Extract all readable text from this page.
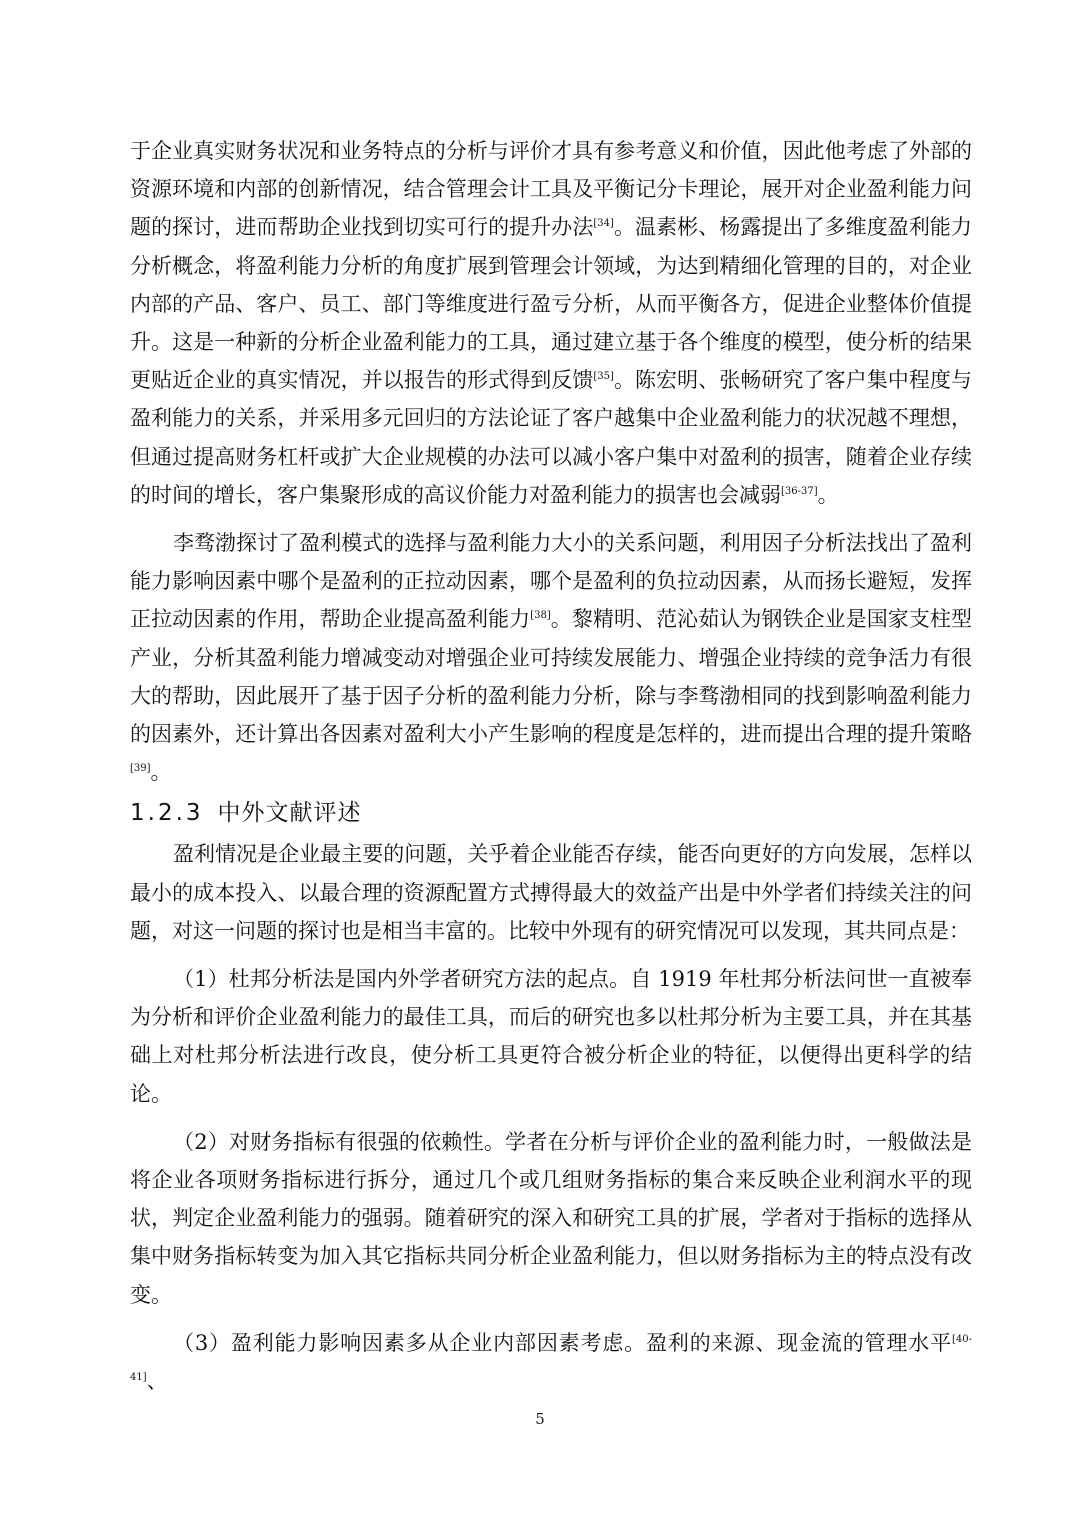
于企业真实财务状况和业务特点的分析与评价才具有参考意义和价值，因此他考虑了外部的资源环境和内部的创新情况，结合管理会计工具及平衡记分卡理论，展开对企业盈利能力问题的探讨，进而帮助企业找到切实可行的提升办法[34]。温素彬、杨露提出了多维度盈利能力分析概念，将盈利能力分析的角度扩展到管理会计领域，为达到精细化管理的目的，对企业内部的产品、客户、员工、部门等维度进行盈亏分析，从而平衡各方，促进企业整体价值提升。这是一种新的分析企业盈利能力的工具，通过建立基于各个维度的模型，使分析的结果更贴近企业的真实情况，并以报告的形式得到反馈[35]。陈宏明、张畅研究了客户集中程度与盈利能力的关系，并采用多元回归的方法论证了客户越集中企业盈利能力的状况越不理想，但通过提高财务杠杆或扩大企业规模的办法可以减小客户集中对盈利的损害，随着企业存续的时间的增长，客户集聚形成的高议价能力对盈利能力的损害也会减弱[36-37]。

李骛渤探讨了盈利模式的选择与盈利能力大小的关系问题，利用因子分析法找出了盈利能力影响因素中哪个是盈利的正拉动因素，哪个是盈利的负拉动因素，从而扬长避短，发挥正拉动因素的作用，帮助企业提高盈利能力[38]。黎精明、范沁茹认为钢铁企业是国家支柱型产业，分析其盈利能力增减变动对增强企业可持续发展能力、增强企业持续的竞争活力有很大的帮助，因此展开了基于因子分析的盈利能力分析，除与李骛渤相同的找到影响盈利能力的因素外，还计算出各因素对盈利大小产生影响的程度是怎样的，进而提出合理的提升策略[39]。

1.2.3 中外文献评述

盈利情况是企业最主要的问题，关乎着企业能否存续，能否向更好的方向发展，怎样以最小的成本投入、以最合理的资源配置方式搏得最大的效益产出是中外学者们持续关注的问题，对这一问题的探讨也是相当丰富的。比较中外现有的研究情况可以发现，其共同点是：

（1）杜邦分析法是国内外学者研究方法的起点。自 1919 年杜邦分析法问世一直被奉为分析和评价企业盈利能力的最佳工具，而后的研究也多以杜邦分析为主要工具，并在其基础上对杜邦分析法进行改良，使分析工具更符合被分析企业的特征，以便得出更科学的结论。

（2）对财务指标有很强的依赖性。学者在分析与评价企业的盈利能力时，一般做法是将企业各项财务指标进行拆分，通过几个或几组财务指标的集合来反映企业利润水平的现状，判定企业盈利能力的强弱。随着研究的深入和研究工具的扩展，学者对于指标的选择从集中财务指标转变为加入其它指标共同分析企业盈利能力，但以财务指标为主的特点没有改变。

（3）盈利能力影响因素多从企业内部因素考虑。盈利的来源、现金流的管理水平[40-41]、

5
